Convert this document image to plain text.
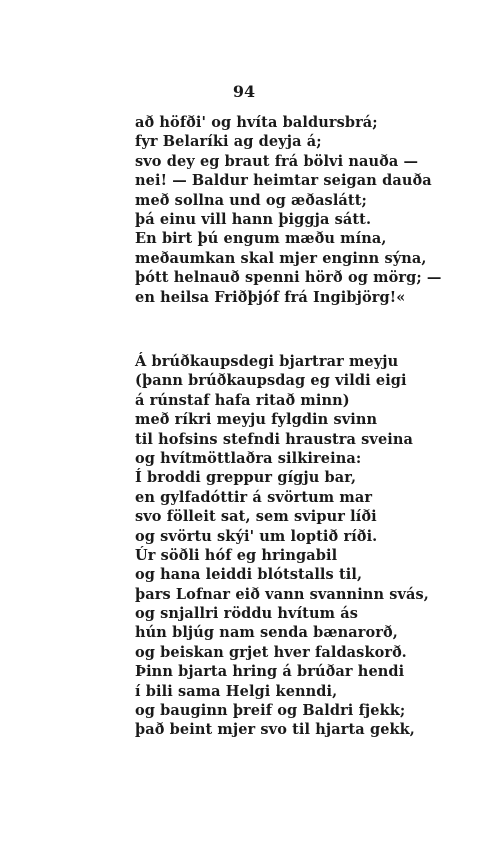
94
að höfði' og hvíta baldursbrá;
fyr Belaríki ag deyja á;
svo dey eg braut frá bölvi nauða —
nei! — Baldur heimtar seigan dauða
með sollna und og æðaslátt;
þá einu vill hann þiggja sátt.
En birt þú engum mæðu mína,
meðaumkan skal mjer enginn sýna,
þótt helnauð spenni hörð og mörg; —
en heilsa Friðþjóf frá Ingibjörg!«
Á brúðkaupsdegi bjartrar meyju
(þann brúðkaupsdag eg vildi eigi
á rúnstaf hafa ritað minn)
með ríkri meyju fylgdin svinn
til hofsins stefndi hraustra sveina
og hvítmöttlaðra silkireina:
Í broddi greppur gígju bar,
en gylfadóttir á svörtum mar
svo fölleit sat, sem svipur líði
og svörtu skýi' um loptið ríði.
Úr söðli hóf eg hringabil
og hana leiddi blótstalls til,
þars Lofnar eið vann svanninn svás,
og snjallri röddu hvítum ás
hún bljúg nam senda bænarorð,
og beiskan grjet hver faldaskorð.
Þinn bjarta hring á brúðar hendi
í bili sama Helgi kenndi,
og bauginn þreif og Baldri fjekk;
það beint mjer svo til hjarta gekk,
